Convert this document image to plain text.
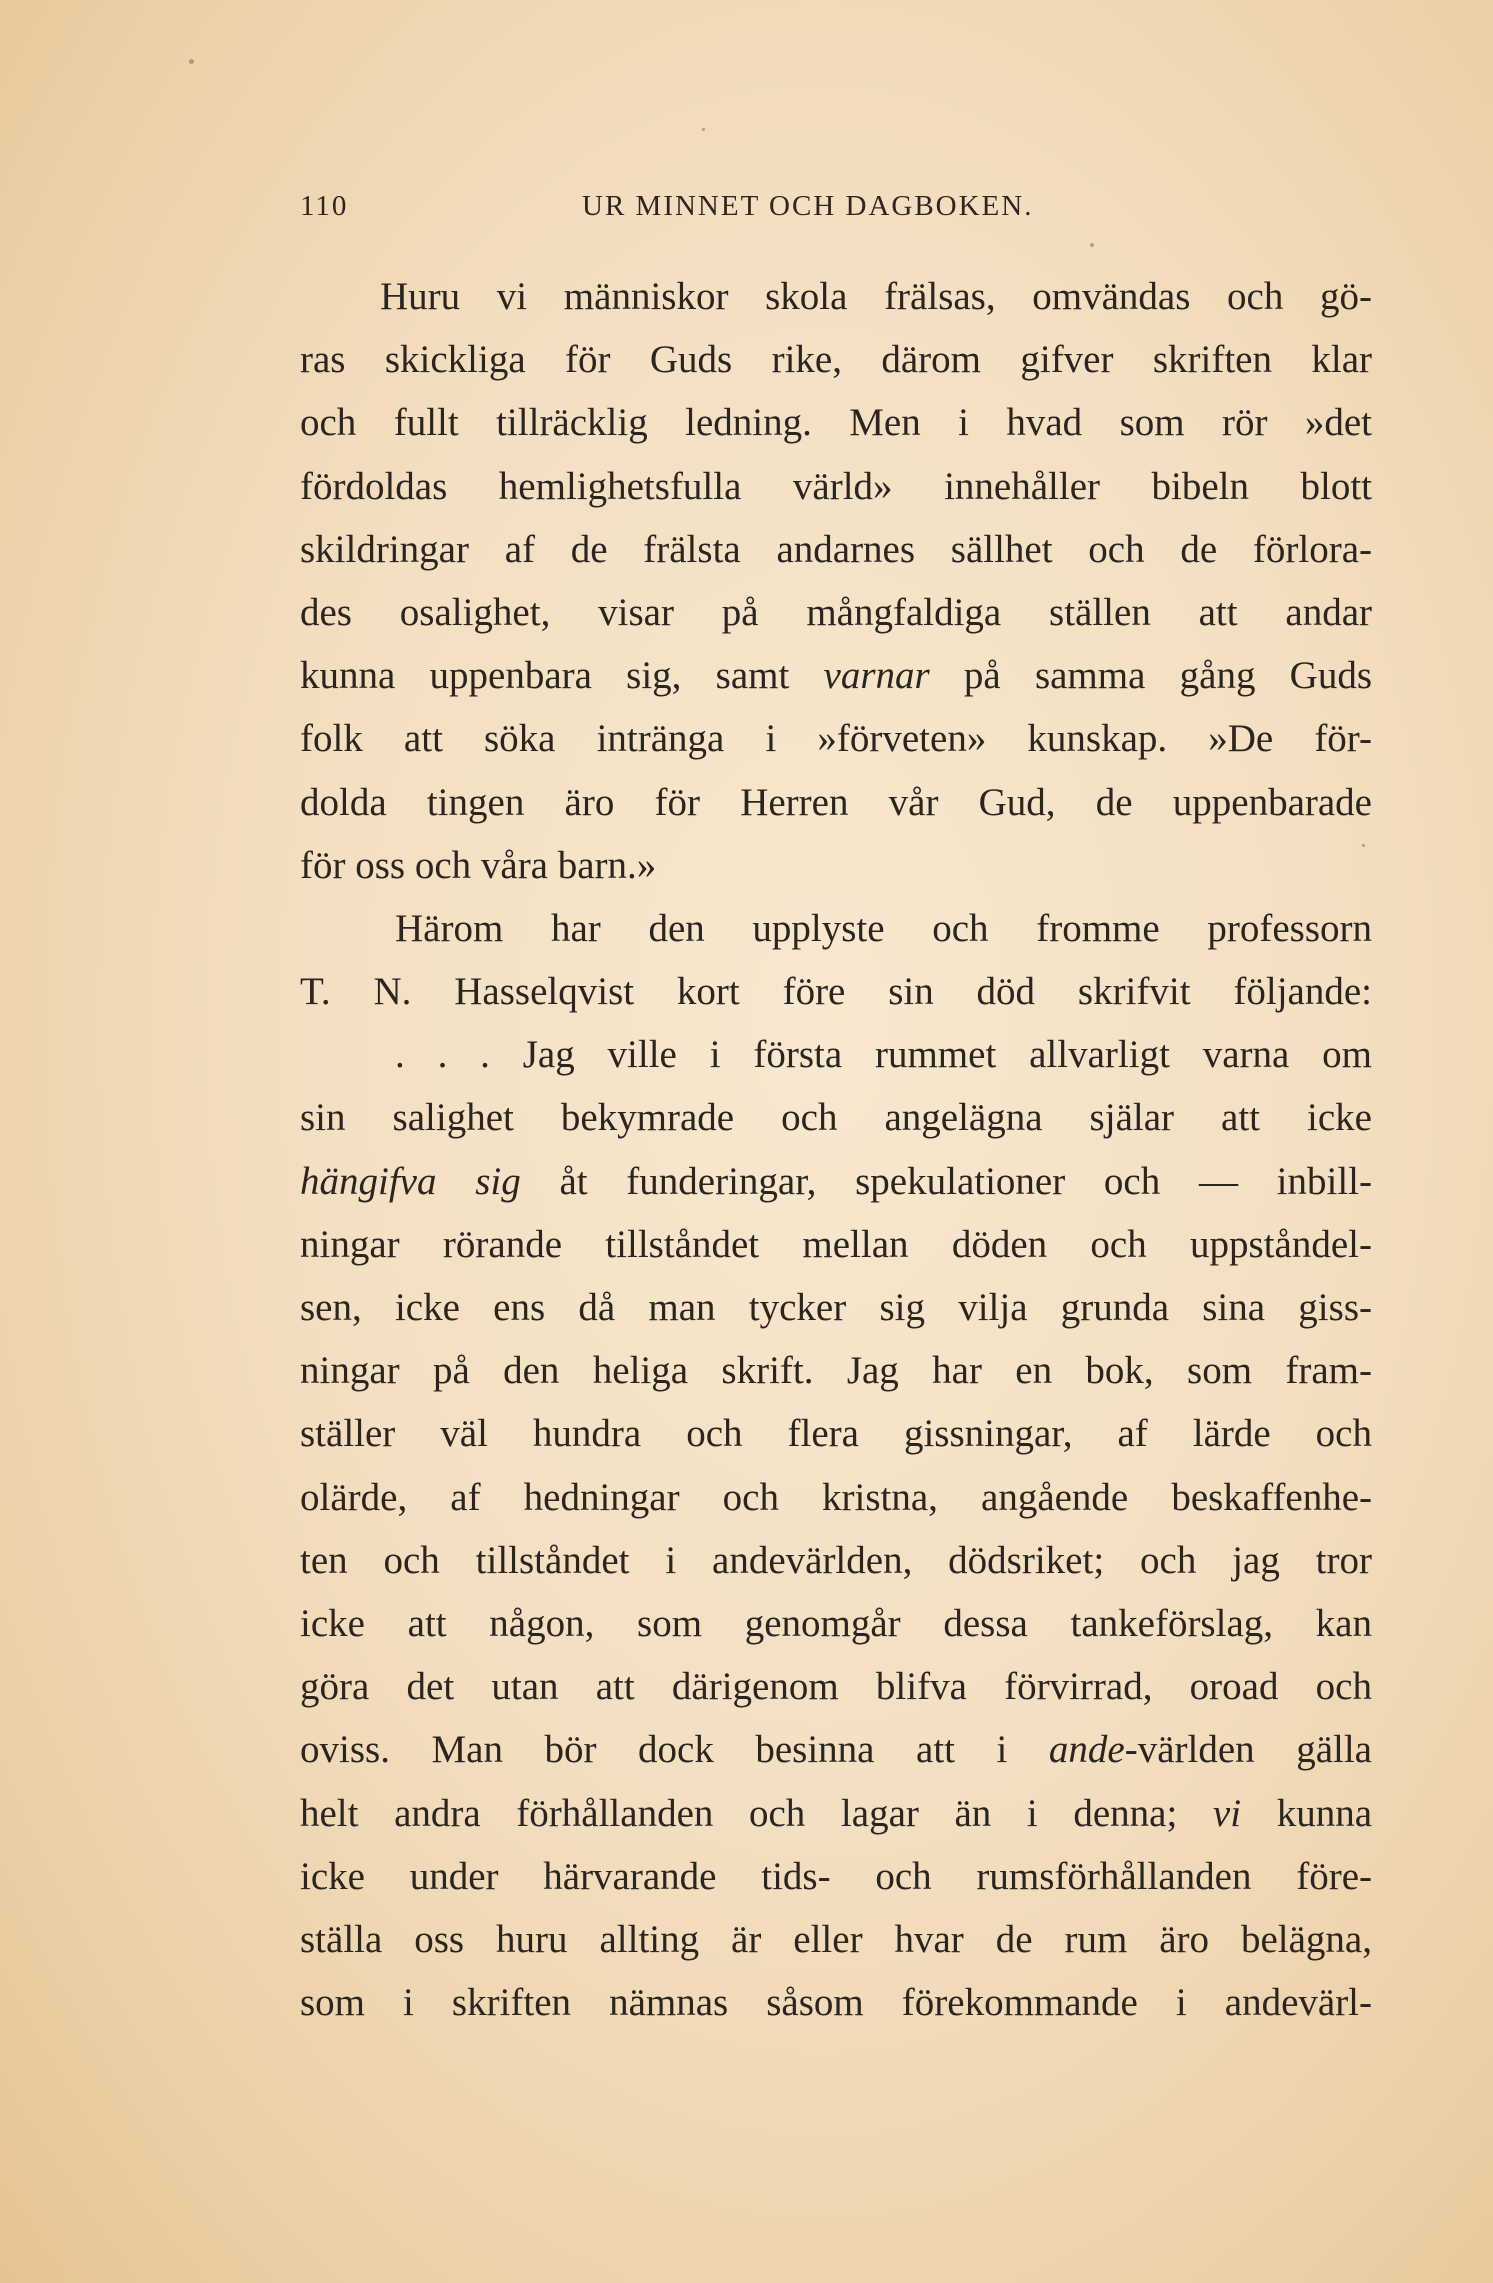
110	UR MINNET OCH DAGBOKEN.
Huru vi människor skola frälsas, omvändas och gö-
ras skickliga för Guds rike, därom gifver skriften klar
och fullt tillräcklig ledning. Men i hvad som rör »det
fördoldas hemlighetsfulla värld» innehåller bibeln blott
skildringar af de frälsta andarnes sällhet och de förlora-
des osalighet, visar på mångfaldiga ställen att andar
kunna uppenbara sig, samt varnar på samma gång Guds
folk att söka intränga i »förveten» kunskap. »De för-
dolda tingen äro för Herren vår Gud, de uppenbarade
för oss och våra barn.»
Härom har den upplyste och fromme professorn
T. N. Hasselqvist kort före sin död skrifvit följande:
. . . Jag ville i första rummet allvarligt varna om
sin salighet bekymrade och angelägna själar att icke
hängifva sig åt funderingar, spekulationer och — inbill-
ningar rörande tillståndet mellan döden och uppståndel-
sen, icke ens då man tycker sig vilja grunda sina giss-
ningar på den heliga skrift. Jag har en bok, som fram-
ställer väl hundra och flera gissningar, af lärde och
olärde, af hedningar och kristna, angående beskaffenhe-
ten och tillståndet i andevärlden, dödsriket; och jag tror
icke att någon, som genomgår dessa tankeförslag, kan
göra det utan att därigenom blifva förvirrad, oroad och
oviss. Man bör dock besinna att i ande-världen gälla
helt andra förhållanden och lagar än i denna; vi kunna
icke under härvarande tids- och rumsförhållanden före-
ställa oss huru allting är eller hvar de rum äro belägna,
som i skriften nämnas såsom förekommande i andevärl-
